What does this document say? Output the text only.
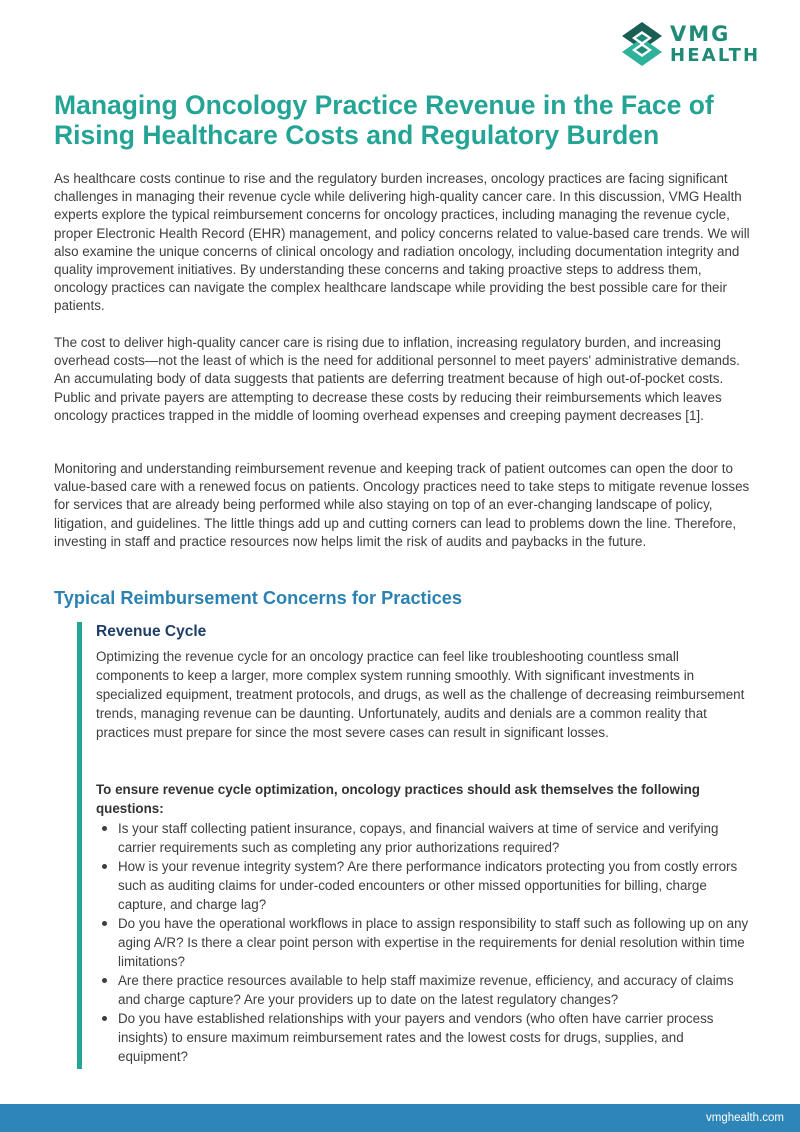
VMG
HEALTH
Managing Oncology Practice Revenue in the Face of Rising Healthcare Costs and Regulatory Burden

As healthcare costs continue to rise and the regulatory burden increases, oncology practices are facing significant challenges in managing their revenue cycle while delivering high-quality cancer care. In this discussion, VMG Health experts explore the typical reimbursement concerns for oncology practices, including managing the revenue cycle, proper Electronic Health Record (EHR) management, and policy concerns related to value-based care trends. We will also examine the unique concerns of clinical oncology and radiation oncology, including documentation integrity and quality improvement initiatives. By understanding these concerns and taking proactive steps to address them, oncology practices can navigate the complex healthcare landscape while providing the best possible care for their patients.

The cost to deliver high-quality cancer care is rising due to inflation, increasing regulatory burden, and increasing overhead costs—not the least of which is the need for additional personnel to meet payers' administrative demands. An accumulating body of data suggests that patients are deferring treatment because of high out-of-pocket costs. Public and private payers are attempting to decrease these costs by reducing their reimbursements which leaves oncology practices trapped in the middle of looming overhead expenses and creeping payment decreases [1].

Monitoring and understanding reimbursement revenue and keeping track of patient outcomes can open the door to value-based care with a renewed focus on patients. Oncology practices need to take steps to mitigate revenue losses for services that are already being performed while also staying on top of an ever-changing landscape of policy, litigation, and guidelines. The little things add up and cutting corners can lead to problems down the line. Therefore, investing in staff and practice resources now helps limit the risk of audits and paybacks in the future.

Typical Reimbursement Concerns for Practices
Revenue Cycle

Optimizing the revenue cycle for an oncology practice can feel like troubleshooting countless small components to keep a larger, more complex system running smoothly. With significant investments in specialized equipment, treatment protocols, and drugs, as well as the challenge of decreasing reimbursement trends, managing revenue can be daunting. Unfortunately, audits and denials are a common reality that practices must prepare for since the most severe cases can result in significant losses.

To ensure revenue cycle optimization, oncology practices should ask themselves the following questions:

Is your staff collecting patient insurance, copays, and financial waivers at time of service and verifying carrier requirements such as completing any prior authorizations required?
How is your revenue integrity system? Are there performance indicators protecting you from costly errors such as auditing claims for under-coded encounters or other missed opportunities for billing, charge capture, and charge lag?
Do you have the operational workflows in place to assign responsibility to staff such as following up on any aging A/R? Is there a clear point person with expertise in the requirements for denial resolution within time limitations?
Are there practice resources available to help staff maximize revenue, efficiency, and accuracy of claims and charge capture? Are your providers up to date on the latest regulatory changes?
Do you have established relationships with your payers and vendors (who often have carrier process insights) to ensure maximum reimbursement rates and the lowest costs for drugs, supplies, and equipment?
vmghealth.com
